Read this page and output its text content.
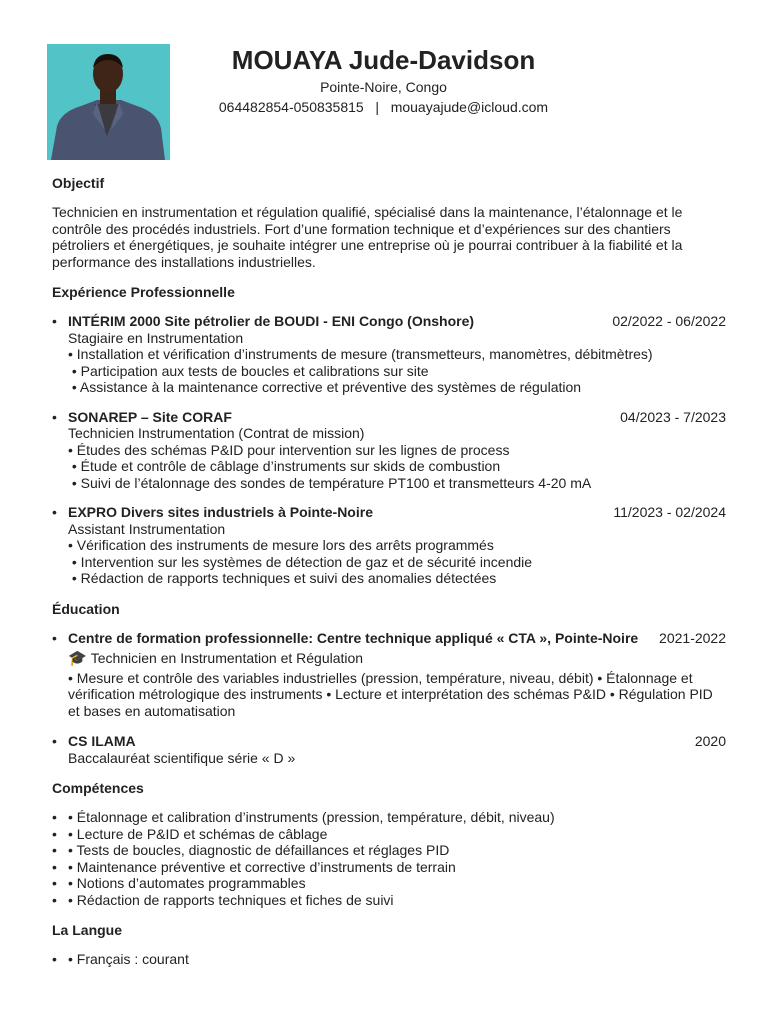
MOUAYA Jude-Davidson
Pointe-Noire, Congo
064482854-050835815 | mouayajude@icloud.com
Objectif
Technicien en instrumentation et régulation qualifié, spécialisé dans la maintenance, l’étalonnage et le contrôle des procédés industriels. Fort d’une formation technique et d’expériences sur des chantiers pétroliers et énergétiques, je souhaite intégrer une entreprise où je pourrai contribuer à la fiabilité et la performance des installations industrielles.
Expérience Professionnelle
• INTÉRIM 2000 Site pétrolier de BOUDI - ENI Congo (Onshore)	02/2022 - 06/2022
Stagiaire en Instrumentation
• Installation et vérification d’instruments de mesure (transmetteurs, manomètres, débitmètres)
• Participation aux tests de boucles et calibrations sur site
• Assistance à la maintenance corrective et préventive des systèmes de régulation
• SONAREP – Site CORAF	04/2023 - 7/2023
Technicien Instrumentation (Contrat de mission)
• Études des schémas P&ID pour intervention sur les lignes de process
• Étude et contrôle de câblage d’instruments sur skids de combustion
• Suivi de l’étalonnage des sondes de température PT100 et transmetteurs 4-20 mA
• EXPRO Divers sites industriels à Pointe-Noire	11/2023 - 02/2024
Assistant Instrumentation
• Vérification des instruments de mesure lors des arrêts programmés
• Intervention sur les systèmes de détection de gaz et de sécurité incendie
• Rédaction de rapports techniques et suivi des anomalies détectées
Éducation
• Centre de formation professionnelle: Centre technique appliqué « CTA », Pointe-Noire 2021-2022
🎓 Technicien en Instrumentation et Régulation
• Mesure et contrôle des variables industrielles (pression, température, niveau, débit) • Étalonnage et vérification métrologique des instruments • Lecture et interprétation des schémas P&ID • Régulation PID et bases en automatisation
• CS ILAMA	2020
Baccalauréat scientifique série « D »
Compétences
• • Étalonnage et calibration d’instruments (pression, température, débit, niveau)
• • Lecture de P&ID et schémas de câblage
• • Tests de boucles, diagnostic de défaillances et réglages PID
• • Maintenance préventive et corrective d’instruments de terrain
• • Notions d’automates programmables
• • Rédaction de rapports techniques et fiches de suivi
La Langue
• • Français : courant
